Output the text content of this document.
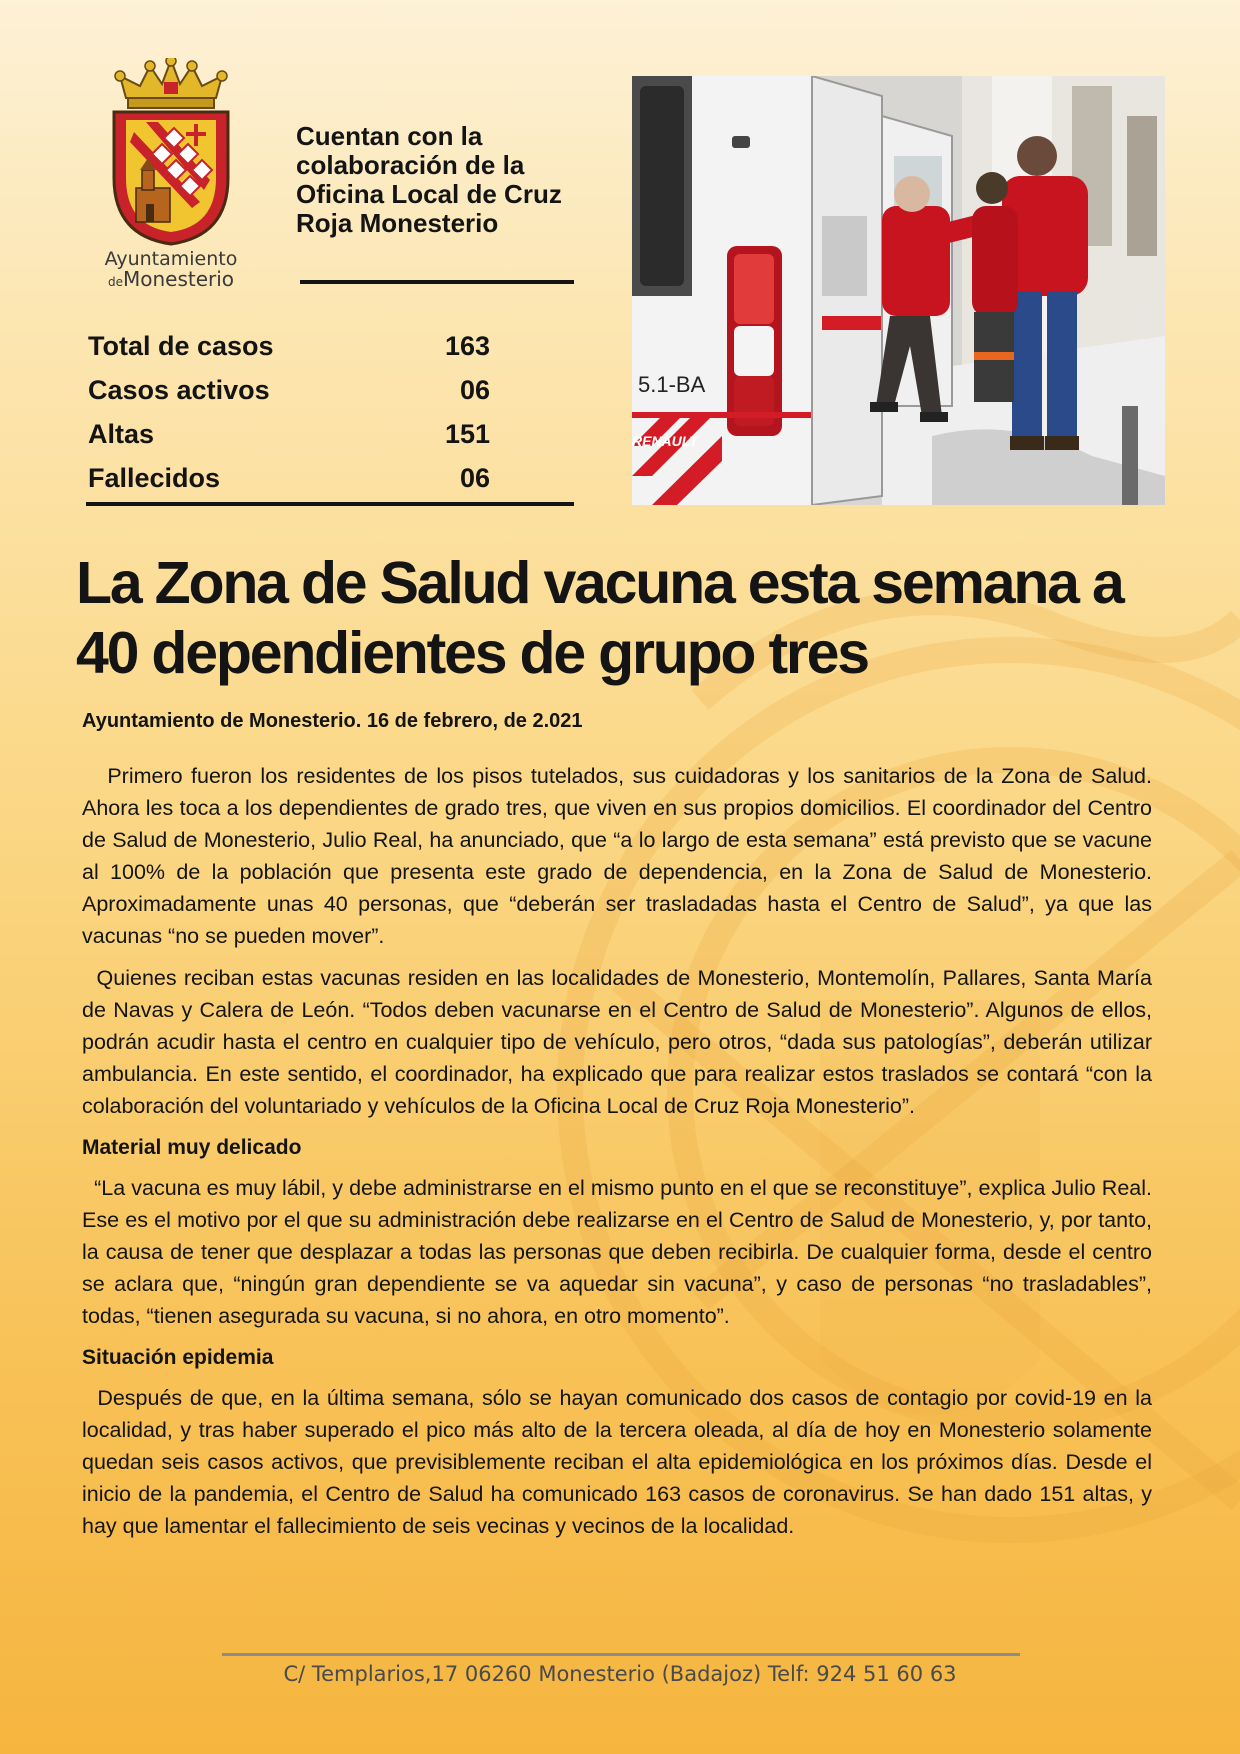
Ayuntamiento
deMonesterio
Cuentan con la colaboración de la Oficina Local de Cruz Roja Monesterio
Total de casos	163
Casos activos	06
Altas	151
Fallecidos	06
5.1-BA
RENAULT
La Zona de Salud vacuna esta semana a 40 dependientes de grupo tres
Ayuntamiento de Monesterio. 16 de febrero, de 2.021

Primero fueron los residentes de los pisos tutelados, sus cuidadoras y los sanitarios de la Zona de Salud. Ahora les toca a los dependientes de grado tres, que viven en sus propios domicilios. El coordinador del Centro de Salud de Monesterio, Julio Real, ha anunciado, que “a lo largo de esta semana” está previsto que se vacune al 100% de la población que presenta este grado de dependencia, en la Zona de Salud de Monesterio. Aproximadamente unas 40 personas, que “deberán ser trasladadas hasta el Centro de Salud”, ya que las vacunas “no se pueden mover”.

Quienes reciban estas vacunas residen en las localidades de Monesterio, Montemolín, Pallares, Santa María de Navas y Calera de León. “Todos deben vacunarse en el Centro de Salud de Monesterio”. Algunos de ellos, podrán acudir hasta el centro en cualquier tipo de vehículo, pero otros, “dada sus patologías”, deberán utilizar ambulancia. En este sentido, el coordinador, ha explicado que para realizar estos traslados se contará “con la colaboración del voluntariado y vehículos de la Oficina Local de Cruz Roja Monesterio”.

Material muy delicado

“La vacuna es muy lábil, y debe administrarse en el mismo punto en el que se reconstituye”, explica Julio Real. Ese es el motivo por el que su administración debe realizarse en el Centro de Salud de Monesterio, y, por tanto, la causa de tener que desplazar a todas las personas que deben recibirla. De cualquier forma, desde el centro se aclara que, “ningún gran dependiente se va aquedar sin vacuna”, y caso de personas “no trasladables”, todas, “tienen asegurada su vacuna, si no ahora, en otro momento”.

Situación epidemia

Después de que, en la última semana, sólo se hayan comunicado dos casos de contagio por covid-19 en la localidad, y tras haber superado el pico más alto de la tercera oleada, al día de hoy en Monesterio solamente quedan seis casos activos, que previsiblemente reciban el alta epidemiológica en los próximos días. Desde el inicio de la pandemia, el Centro de Salud ha comunicado 163 casos de coronavirus. Se han dado 151 altas, y hay que lamentar el fallecimiento de seis vecinas y vecinos de la localidad.

C/ Templarios,17 06260 Monesterio (Badajoz) Telf: 924 51 60 63
